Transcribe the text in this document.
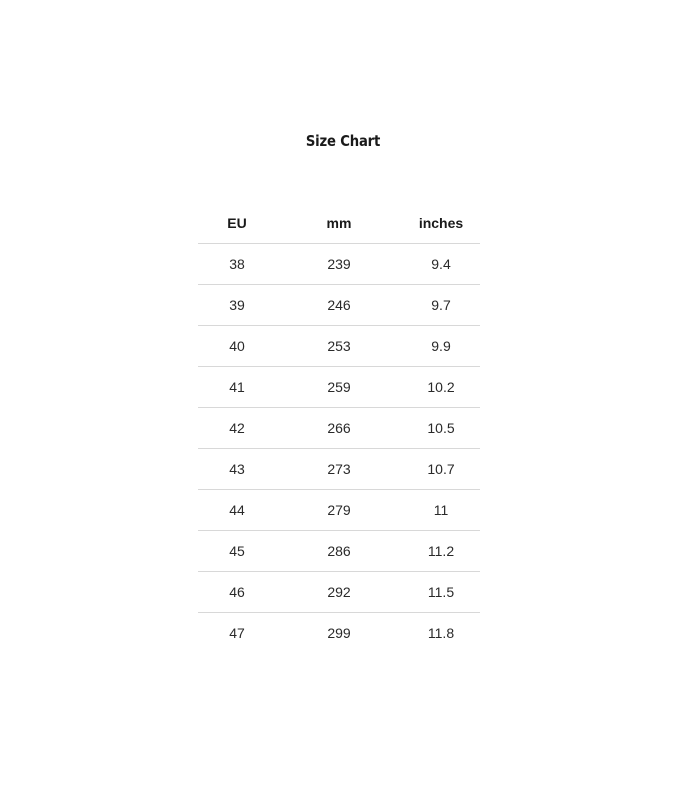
Size Chart
EU	mm	inches
38	239	9.4
39	246	9.7
40	253	9.9
41	259	10.2
42	266	10.5
43	273	10.7
44	279	11
45	286	11.2
46	292	11.5
47	299	11.8
